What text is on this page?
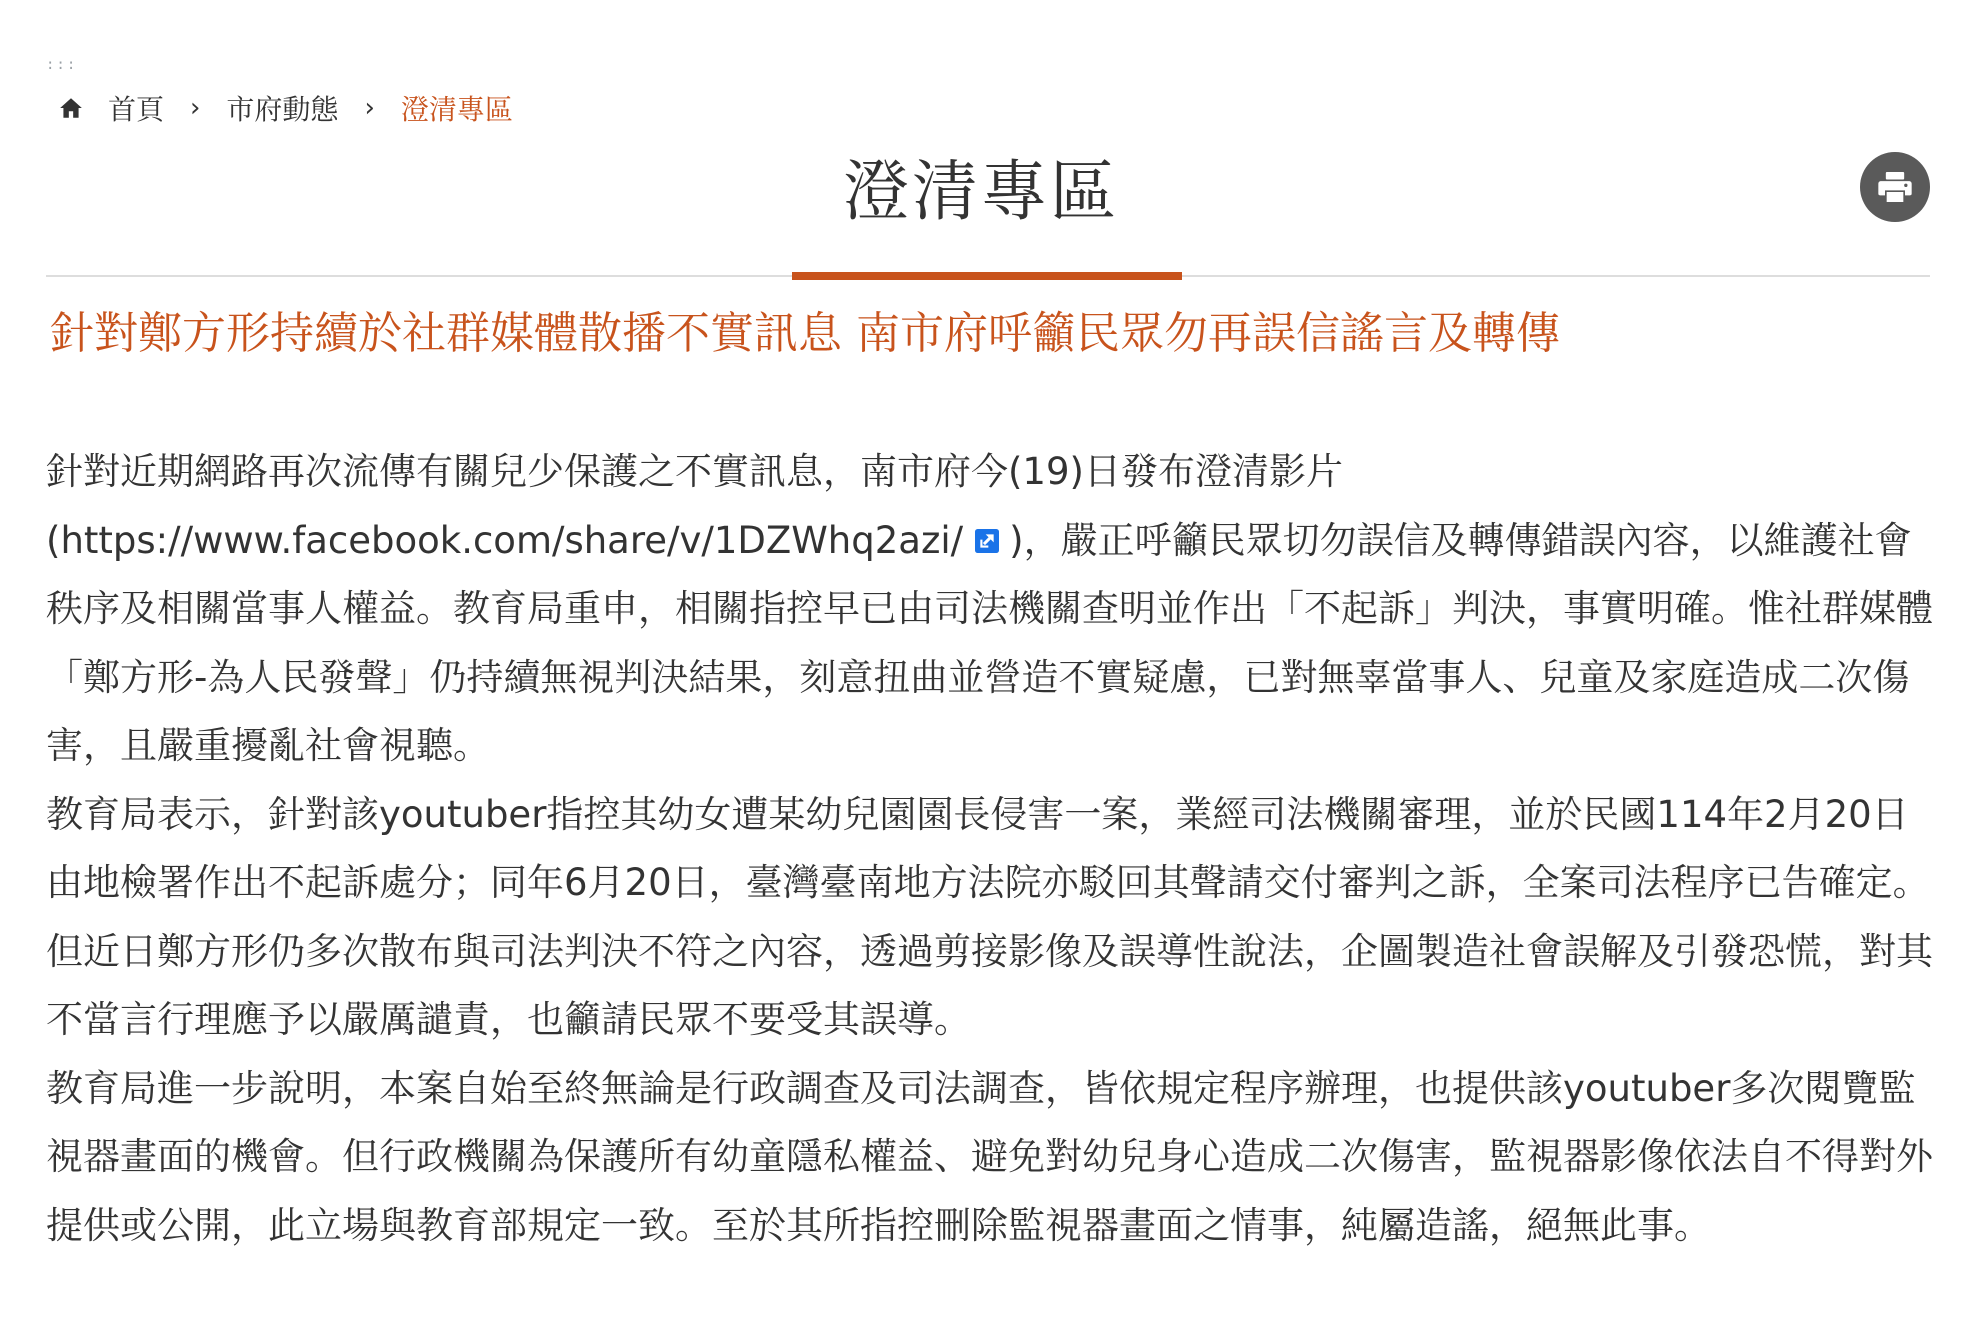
:::
首頁 › 市府動態 › 澄清專區
澄清專區
針對鄭方形持續於社群媒體散播不實訊息 南市府呼籲民眾勿再誤信謠言及轉傳

針對近期網路再次流傳有關兒少保護之不實訊息，南市府今(19)日發布澄清影片(https://www.facebook.com/share/v/1DZWhq2azi/ )，嚴正呼籲民眾切勿誤信及轉傳錯誤內容，以維護社會秩序及相關當事人權益。教育局重申，相關指控早已由司法機關查明並作出「不起訴」判決，事實明確。惟社群媒體「鄭方形-為人民發聲」仍持續無視判決結果，刻意扭曲並營造不實疑慮，已對無辜當事人、兒童及家庭造成二次傷害，且嚴重擾亂社會視聽。

教育局表示，針對該youtuber指控其幼女遭某幼兒園園長侵害一案，業經司法機關審理，並於民國114年2月20日由地檢署作出不起訴處分；同年6月20日，臺灣臺南地方法院亦駁回其聲請交付審判之訴，全案司法程序已告確定。但近日鄭方形仍多次散布與司法判決不符之內容，透過剪接影像及誤導性說法，企圖製造社會誤解及引發恐慌，對其不當言行理應予以嚴厲譴責，也籲請民眾不要受其誤導。

教育局進一步說明，本案自始至終無論是行政調查及司法調查，皆依規定程序辦理，也提供該youtuber多次閱覽監視器畫面的機會。但行政機關為保護所有幼童隱私權益、避免對幼兒身心造成二次傷害，監視器影像依法自不得對外提供或公開，此立場與教育部規定一致。至於其所指控刪除監視器畫面之情事，純屬造謠，絕無此事。
